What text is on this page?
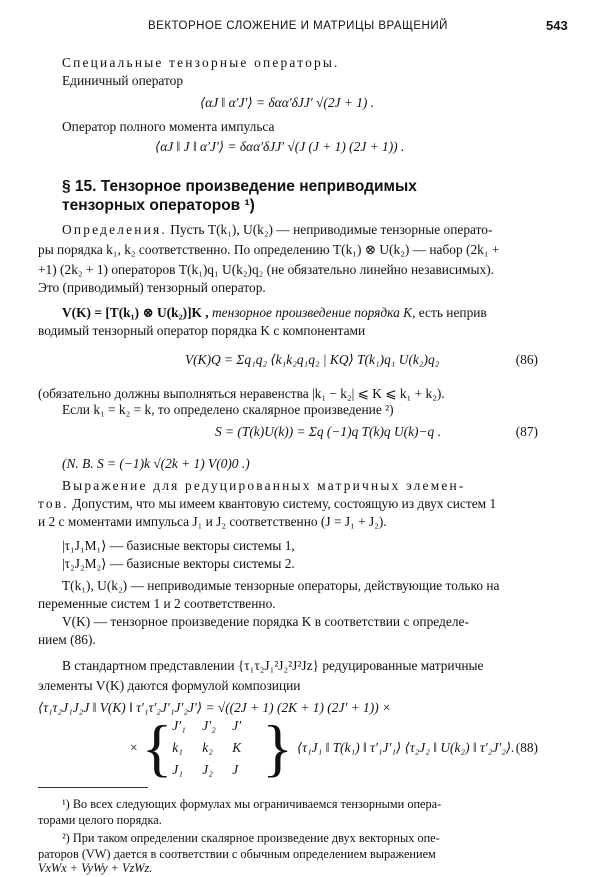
ВЕКТОРНОЕ СЛОЖЕНИЕ И МАТРИЦЫ ВРАЩЕНИЙ	543
Специальные тензорные операторы.
Единичный оператор
⟨αJ ‖ α′J′⟩ = δαα′δJJ′ √(2J + 1) .
Оператор полного момента импульса
⟨αJ ‖ J ‖ α′J′⟩ = δαα′δJJ′ √(J (J + 1) (2J + 1)) .
§ 15. Тензорное произведение неприводимых тензорных операторов ¹)
Определения. Пусть T(k₁), U(k₂) — неприводимые тензорные операто-
ры порядка k₁, k₂ соответственно. По определению T(k₁) ⊗ U(k₂) — набор (2k₁ +
+1) (2k₂ + 1) операторов T(k₁)q₁ U(k₂)q₂ (не обязательно линейно независимых).
Это (приводимый) тензорный оператор.
V(K) = [T(k₁) ⊗ U(k₂)]K , тензорное произведение порядка K, есть неприв
водимый тензорный оператор порядка K с компонентами
V(K)Q = Σq₁q₂ ⟨k₁k₂q₁q₂ | KQ⟩ T(k₁)q₁ U(k₂)q₂	(86)
(обязательно должны выполняться неравенства |k₁ − k₂| ⩽ K ⩽ k₁ + k₂).
Если k₁ = k₂ = k, то определено скалярное произведение ²)
S = (T(k)U(k)) = Σq (−1)q T(k)q U(k)−q .	(87)
(N. B. S = (−1)k √(2k + 1) V(0)0 .)
Выражение для редуцированных матричных элемен-
тов. Допустим, что мы имеем квантовую систему, состоящую из двух систем 1
и 2 с моментами импульса J₁ и J₂ соответственно (J = J₁ + J₂).
|τ₁J₁M₁⟩ — базисные векторы системы 1,
|τ₂J₂M₂⟩ — базисные векторы системы 2.
T(k₁), U(k₂) — неприводимые тензорные операторы, действующие только на
переменные систем 1 и 2 соответственно.
V(K) — тензорное произведение порядка K в соответствии с определе-
нием (86).
В стандартном представлении {τ₁τ₂J₁²J₂²J²Jz} редуцированные матричные
элементы V(K) даются формулой композиции
⟨τ₁τ₂J₁J₂J ‖ V(K) ‖ τ′₁τ′₂J′₁J′₂J′⟩ = √((2J + 1) (2K + 1) (2J′ + 1)) ×
× { J′₁	J′₂	J′
k₁	k₂	K
J₁	J₂	J } ⟨τ₁J₁ ‖ T(k₁) ‖ τ′₁J′₁⟩ ⟨τ₂J₂ ‖ U(k₂) ‖ τ′₂J′₂⟩. (88)
¹) Во всех следующих формулах мы ограничиваемся тензорными опера-
торами целого порядка.
²) При таком определении скалярное произведение двух векторных опе-
раторов (VW) дается в соответствии с обычным определением выражением
VxWx + VyWy + VzWz.
